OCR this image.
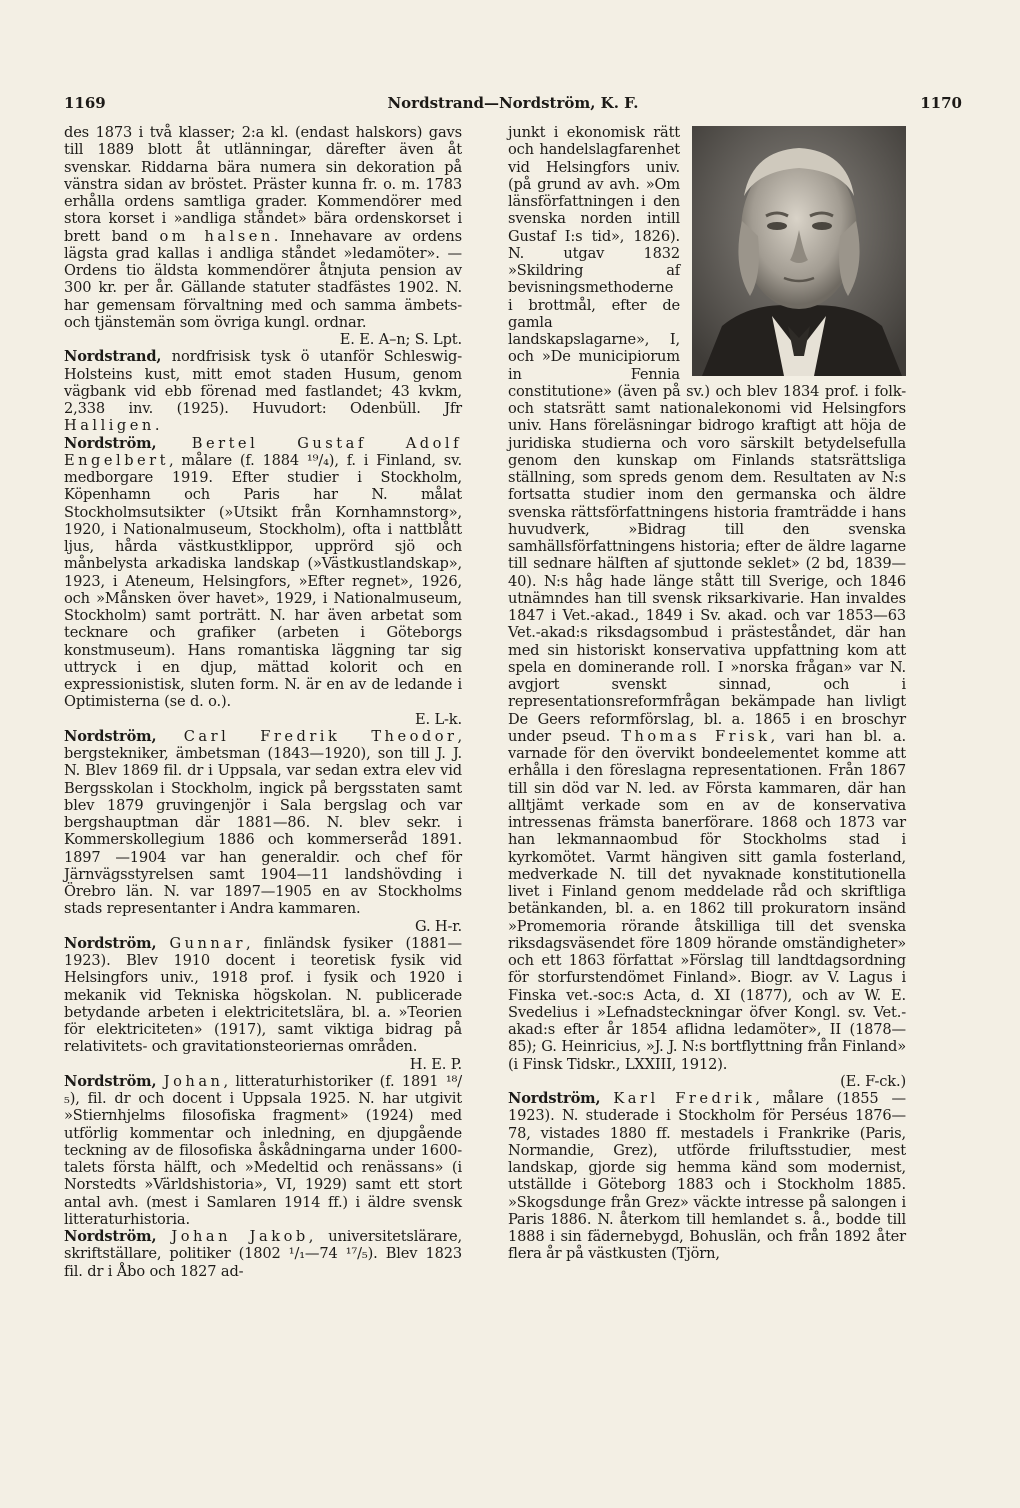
1169	Nordstrand—Nordström, K. F.	1170

des 1873 i två klasser; 2:a kl. (endast halskors) gavs till 1889 blott åt utlänningar, därefter även åt svenskar. Riddarna bära numera sin dekoration på vänstra sidan av bröstet. Präster kunna fr. o. m. 1783 erhålla ordens samtliga grader. Kommendörer med stora korset i »andliga ståndet» bära ordenskorset i brett band om halsen. Innehavare av ordens lägsta grad kallas i andliga ståndet »ledamöter». — Ordens tio äldsta kommendörer åtnjuta pension av 300 kr. per år. Gällande statuter stadfästes 1902. N. har gemensam förvaltning med och samma ämbets- och tjänstemän som övriga kungl. ordnar.
E. E. A–n; S. Lpt.

Nordstrand, nordfrisisk tysk ö utanför Schleswig-Holsteins kust, mitt emot staden Husum, genom vägbank vid ebb förenad med fastlandet; 43 kvkm, 2,338 inv. (1925). Huvudort: Odenbüll. Jfr Halligen.

Nordström, Bertel Gustaf Adolf Engelbert, målare (f. 1884 ¹⁹/₄), f. i Finland, sv. medborgare 1919. Efter studier i Stockholm, Köpenhamn och Paris har N. målat Stockholmsutsikter (»Utsikt från Kornhamnstorg», 1920, i Nationalmuseum, Stockholm), ofta i nattblått ljus, hårda västkustklippor, upprörd sjö och månbelysta arkadiska landskap (»Västkustlandskap», 1923, i Ateneum, Helsingfors, »Efter regnet», 1926, och »Månsken över havet», 1929, i Nationalmuseum, Stockholm) samt porträtt. N. har även arbetat som tecknare och grafiker (arbeten i Göteborgs konstmuseum). Hans romantiska läggning tar sig uttryck i en djup, mättad kolorit och en expressionistisk, sluten form. N. är en av de ledande i Optimisterna (se d. o.).
E. L-k.

Nordström, Carl Fredrik Theodor, bergstekniker, ämbetsman (1843—1920), son till J. J. N. Blev 1869 fil. dr i Uppsala, var sedan extra elev vid Bergsskolan i Stockholm, ingick på bergsstaten samt blev 1879 gruvingenjör i Sala bergslag och var bergshauptman där 1881—86. N. blev sekr. i Kommerskollegium 1886 och kommerseråd 1891. 1897 —1904 var han generaldir. och chef för Järnvägsstyrelsen samt 1904—11 landshövding i Örebro län. N. var 1897—1905 en av Stockholms stads representanter i Andra kammaren.
G. H-r.

Nordström, Gunnar, finländsk fysiker (1881—1923). Blev 1910 docent i teoretisk fysik vid Helsingfors univ., 1918 prof. i fysik och 1920 i mekanik vid Tekniska högskolan. N. publicerade betydande arbeten i elektricitetslära, bl. a. »Teorien för elektriciteten» (1917), samt viktiga bidrag på relativitets- och gravitationsteoriernas områden.
H. E. P.

Nordström, Johan, litteraturhistoriker (f. 1891 ¹⁸/₅), fil. dr och docent i Uppsala 1925. N. har utgivit »Stiernhjelms filosofiska fragment» (1924) med utförlig kommentar och inledning, en djupgående teckning av de filosofiska åskådningarna under 1600-talets första hälft, och »Medeltid och renässans» (i Norstedts »Världshistoria», VI, 1929) samt ett stort antal avh. (mest i Samlaren 1914 ff.) i äldre svensk litteraturhistoria.

Nordström, Johan Jakob, universitetslärare, skriftställare, politiker (1802 ¹/₁—74 ¹⁷/₅). Blev 1823 fil. dr i Åbo och 1827 ad-

junkt i ekonomisk rätt och handelslagfarenhet vid Helsingfors univ. (på grund av avh. »Om länsförfattningen i den svenska norden intill Gustaf I:s tid», 1826). N. utgav 1832 »Skildring af bevisningsmethoderne i brottmål, efter de gamla landskapslagarne», I, och »De municipiorum in Fennia constitutione» (även på sv.) och blev 1834 prof. i folk- och statsrätt samt nationalekonomi vid Helsingfors univ. Hans föreläsningar bidrogo kraftigt att höja de juridiska studierna och voro särskilt betydelsefulla genom den kunskap om Finlands statsrättsliga ställning, som spreds genom dem. Resultaten av N:s fortsatta studier inom den germanska och äldre svenska rättsförfattningens historia framträdde i hans huvudverk, »Bidrag till den svenska samhällsförfattningens historia; efter de äldre lagarne till sednare hälften af sjuttonde seklet» (2 bd, 1839—40). N:s håg hade länge stått till Sverige, och 1846 utnämndes han till svensk riksarkivarie. Han invaldes 1847 i Vet.-akad., 1849 i Sv. akad. och var 1853—63 Vet.-akad:s riksdagsombud i prästeståndet, där han med sin historiskt konservativa uppfattning kom att spela en dominerande roll. I »norska frågan» var N. avgjort svenskt sinnad, och i representationsreformfrågan bekämpade han livligt De Geers reformförslag, bl. a. 1865 i en broschyr under pseud. Thomas Frisk, vari han bl. a. varnade för den övervikt bondeelementet komme att erhålla i den föreslagna representationen. Från 1867 till sin död var N. led. av Första kammaren, där han alltjämt verkade som en av de konservativa intressenas främsta banerförare. 1868 och 1873 var han lekmannaombud för Stockholms stad i kyrkomötet. Varmt hängiven sitt gamla fosterland, medverkade N. till det nyvaknade konstitutionella livet i Finland genom meddelade råd och skriftliga betänkanden, bl. a. en 1862 till prokuratorn insänd »Promemoria rörande åtskilliga till det svenska riksdagsväsendet före 1809 hörande omständigheter» och ett 1863 författat »Förslag till landtdagsordning för storfurstendömet Finland». Biogr. av V. Lagus i Finska vet.-soc:s Acta, d. XI (1877), och av W. E. Svedelius i »Lefnadsteckningar öfver Kongl. sv. Vet.-akad:s efter år 1854 aflidna ledamöter», II (1878—85); G. Heinricius, »J. J. N:s bortflyttning från Finland» (i Finsk Tidskr., LXXIII, 1912).
(E. F-ck.)

Nordström, Karl Fredrik, målare (1855 —1923). N. studerade i Stockholm för Perséus 1876—78, vistades 1880 ff. mestadels i Frankrike (Paris, Normandie, Grez), utförde friluftsstudier, mest landskap, gjorde sig hemma känd som modernist, utställde i Göteborg 1883 och i Stockholm 1885. »Skogsdunge från Grez» väckte intresse på salongen i Paris 1886. N. återkom till hemlandet s. å., bodde till 1888 i sin fädernebygd, Bohuslän, och från 1892 åter flera år på västkusten (Tjörn,
